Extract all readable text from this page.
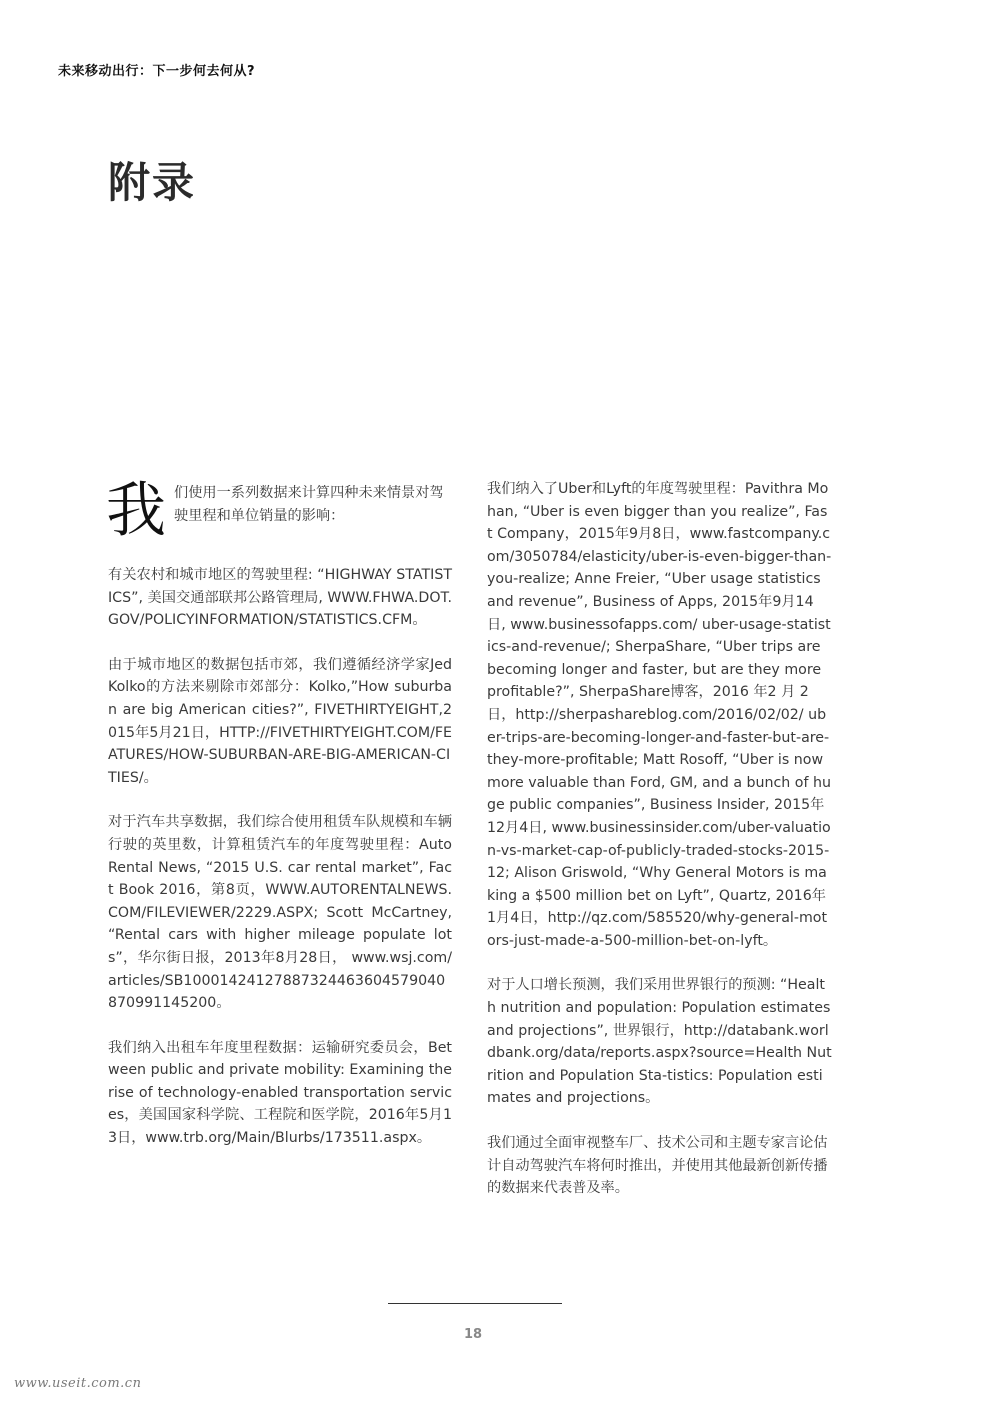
未来移动出行：下一步何去何从?
附录
我 们使用一系列数据来计算四种未来情景对驾驶里程和单位销量的影响：

有关农村和城市地区的驾驶里程: “HIGHWAY STATISTICS”, 美国交通部联邦公路管理局, WWW.FHWA.DOT.GOV/POLICYINFORMATION/STATISTICS.CFM。

由于城市地区的数据包括市郊，我们遵循经济学家Jed Kolko的方法来剔除市郊部分：Kolko,”How suburban are big American cities?”, FIVETHIRTYEIGHT,2015年5月21日，HTTP://FIVETHIRTYEIGHT.COM/FEATURES/HOW-SUBURBAN-ARE-BIG-AMERICAN-CITIES/。

对于汽车共享数据，我们综合使用租赁车队规模和车辆行驶的英里数，计算租赁汽车的年度驾驶里程：Auto Rental News, “2015 U.S. car rental market”, Fact Book 2016，第8页，WWW.AUTORENTALNEWS.COM/FILEVIEWER/2229.ASPX; Scott McCartney, “Rental cars with higher mileage populate lots”，华尔街日报，2013年8月28日， www.wsj.com/articles/SB10001424127887324463604579040870991145200。

我们纳入出租车年度里程数据：运输研究委员会，Between public and private mobility: Examining the rise of technology-enabled transportation services，美国国家科学院、工程院和医学院，2016年5月13日，www.trb.org/Main/Blurbs/173511.aspx。

我们纳入了Uber和Lyft的年度驾驶里程：Pavithra Mohan, “Uber is even bigger than you realize”, Fast Company，2015年9月8日，www.fastcompany.com/3050784/elasticity/uber-is-even-bigger-than-you-realize; Anne Freier, “Uber usage statistics and revenue”, Business of Apps, 2015年9月14日, www.businessofapps.com/ uber-usage-statistics-and-revenue/; SherpaShare, “Uber trips are becoming longer and faster, but are they more profitable?”, SherpaShare博客，2016 年2 月 2 日，http://sherpashareblog.com/2016/02/02/ uber-trips-are-becoming-longer-and-faster-but-are-they-more-profitable; Matt Rosoff, “Uber is now more valuable than Ford, GM, and a bunch of huge public companies”, Business Insider, 2015年12月4日, www.businessinsider.com/uber-valuation-vs-market-cap-of-publicly-traded-stocks-2015-12; Alison Griswold, “Why General Motors is making a $500 million bet on Lyft”, Quartz, 2016年1月4日，http://qz.com/585520/why-general-motors-just-made-a-500-million-bet-on-lyft。

对于人口增长预测，我们采用世界银行的预测: “Health nutrition and population: Population estimates and projections”, 世界银行，http://databank.worldbank.org/data/reports.aspx?source=Health Nutrition and Population Sta-tistics: Population estimates and projections。

我们通过全面审视整车厂、技术公司和主题专家言论估计自动驾驶汽车将何时推出，并使用其他最新创新传播的数据来代表普及率。

18
www.useit.com.cn
